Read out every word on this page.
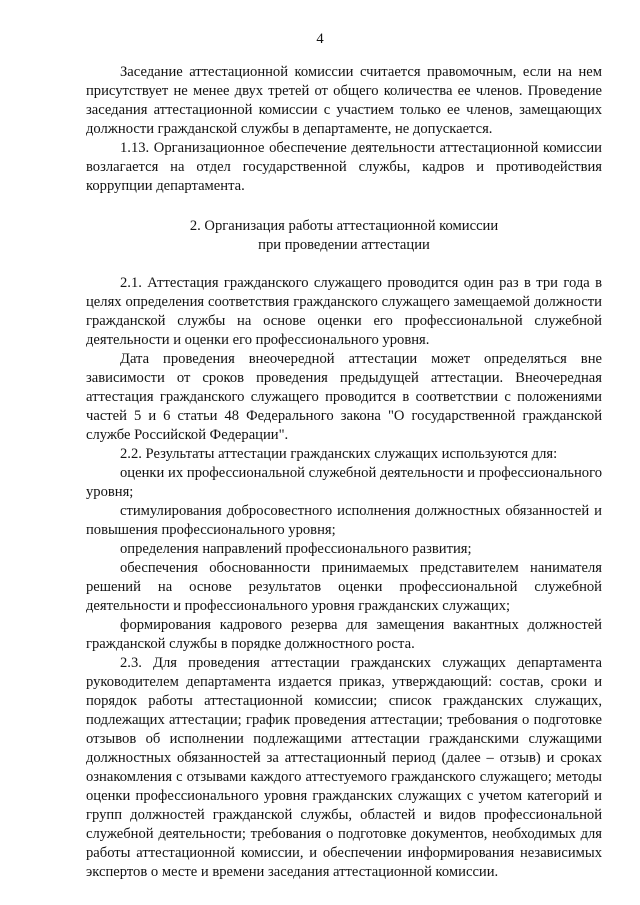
4

Заседание аттестационной комиссии считается правомочным, если на нем присутствует не менее двух третей от общего количества ее членов. Проведение заседания аттестационной комиссии с участием только ее членов, замещающих должности гражданской службы в департаменте, не допускается.

1.13. Организационное обеспечение деятельности аттестационной комиссии возлагается на отдел государственной службы, кадров и противодействия коррупции департамента.

2. Организация работы аттестационной комиссии
при проведении аттестации

2.1. Аттестация гражданского служащего проводится один раз в три года в целях определения соответствия гражданского служащего замещаемой должности гражданской службы на основе оценки его профессиональной служебной деятельности и оценки его профессионального уровня.

Дата проведения внеочередной аттестации может определяться вне зависимости от сроков проведения предыдущей аттестации. Внеочередная аттестация гражданского служащего проводится в соответствии с положениями частей 5 и 6 статьи 48 Федерального закона "О государственной гражданской службе Российской Федерации".

2.2. Результаты аттестации гражданских служащих используются для:

оценки их профессиональной служебной деятельности и профессионального уровня;

стимулирования добросовестного исполнения должностных обязанностей и повышения профессионального уровня;

определения направлений профессионального развития;

обеспечения обоснованности принимаемых представителем нанимателя решений на основе результатов оценки профессиональной служебной деятельности и профессионального уровня гражданских служащих;

формирования кадрового резерва для замещения вакантных должностей гражданской службы в порядке должностного роста.

2.3. Для проведения аттестации гражданских служащих департамента руководителем департамента издается приказ, утверждающий: состав, сроки и порядок работы аттестационной комиссии; список гражданских служащих, подлежащих аттестации; график проведения аттестации; требования о подготовке отзывов об исполнении подлежащими аттестации гражданскими служащими должностных обязанностей за аттестационный период (далее – отзыв) и сроках ознакомления с отзывами каждого аттестуемого гражданского служащего; методы оценки профессионального уровня гражданских служащих с учетом категорий и групп должностей гражданской службы, областей и видов профессиональной служебной деятельности; требования о подготовке документов, необходимых для работы аттестационной комиссии, и обеспечении информирования независимых экспертов о месте и времени заседания аттестационной комиссии.
